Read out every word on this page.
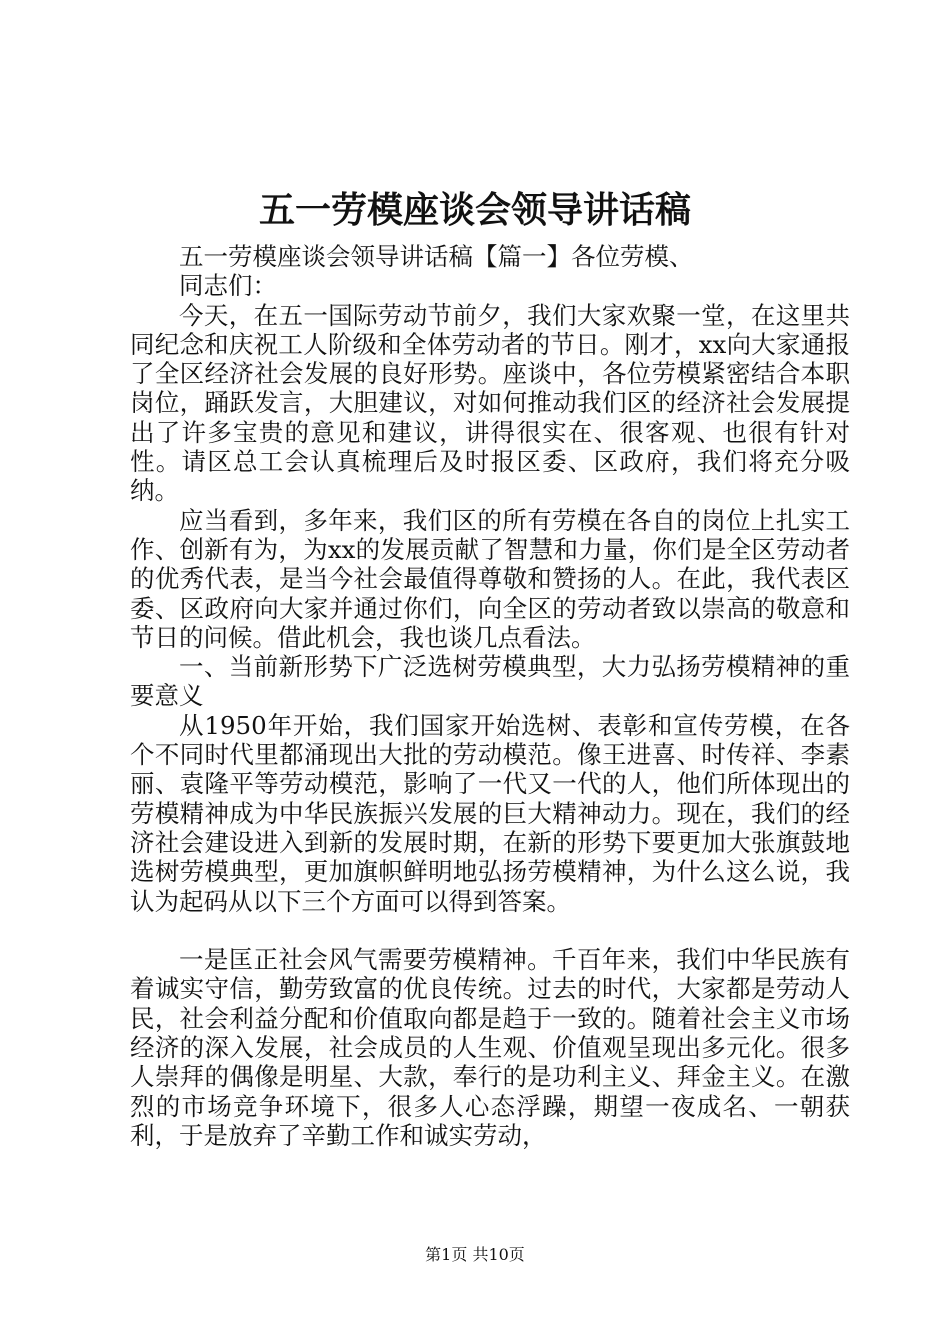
五一劳模座谈会领导讲话稿

五一劳模座谈会领导讲话稿【篇一】各位劳模、

同志们：

今天，在五一国际劳动节前夕，我们大家欢聚一堂，在这里共同纪念和庆祝工人阶级和全体劳动者的节日。刚才，xx向大家通报了全区经济社会发展的良好形势。座谈中，各位劳模紧密结合本职岗位，踊跃发言，大胆建议，对如何推动我们区的经济社会发展提出了许多宝贵的意见和建议，讲得很实在、很客观、也很有针对性。请区总工会认真梳理后及时报区委、区政府，我们将充分吸纳。

应当看到，多年来，我们区的所有劳模在各自的岗位上扎实工作、创新有为，为xx的发展贡献了智慧和力量，你们是全区劳动者的优秀代表，是当今社会最值得尊敬和赞扬的人。在此，我代表区委、区政府向大家并通过你们，向全区的劳动者致以崇高的敬意和节日的问候。借此机会，我也谈几点看法。

一、当前新形势下广泛选树劳模典型，大力弘扬劳模精神的重要意义

从1950年开始，我们国家开始选树、表彰和宣传劳模，在各个不同时代里都涌现出大批的劳动模范。像王进喜、时传祥、李素丽、袁隆平等劳动模范，影响了一代又一代的人，他们所体现出的劳模精神成为中华民族振兴发展的巨大精神动力。现在，我们的经济社会建设进入到新的发展时期，在新的形势下要更加大张旗鼓地选树劳模典型，更加旗帜鲜明地弘扬劳模精神，为什么这么说，我认为起码从以下三个方面可以得到答案。

一是匡正社会风气需要劳模精神。千百年来，我们中华民族有着诚实守信，勤劳致富的优良传统。过去的时代，大家都是劳动人民，社会利益分配和价值取向都是趋于一致的。随着社会主义市场经济的深入发展，社会成员的人生观、价值观呈现出多元化。很多人崇拜的偶像是明星、大款，奉行的是功利主义、拜金主义。在激烈的市场竞争环境下，很多人心态浮躁，期望一夜成名、一朝获利，于是放弃了辛勤工作和诚实劳动，

第1页 共10页
